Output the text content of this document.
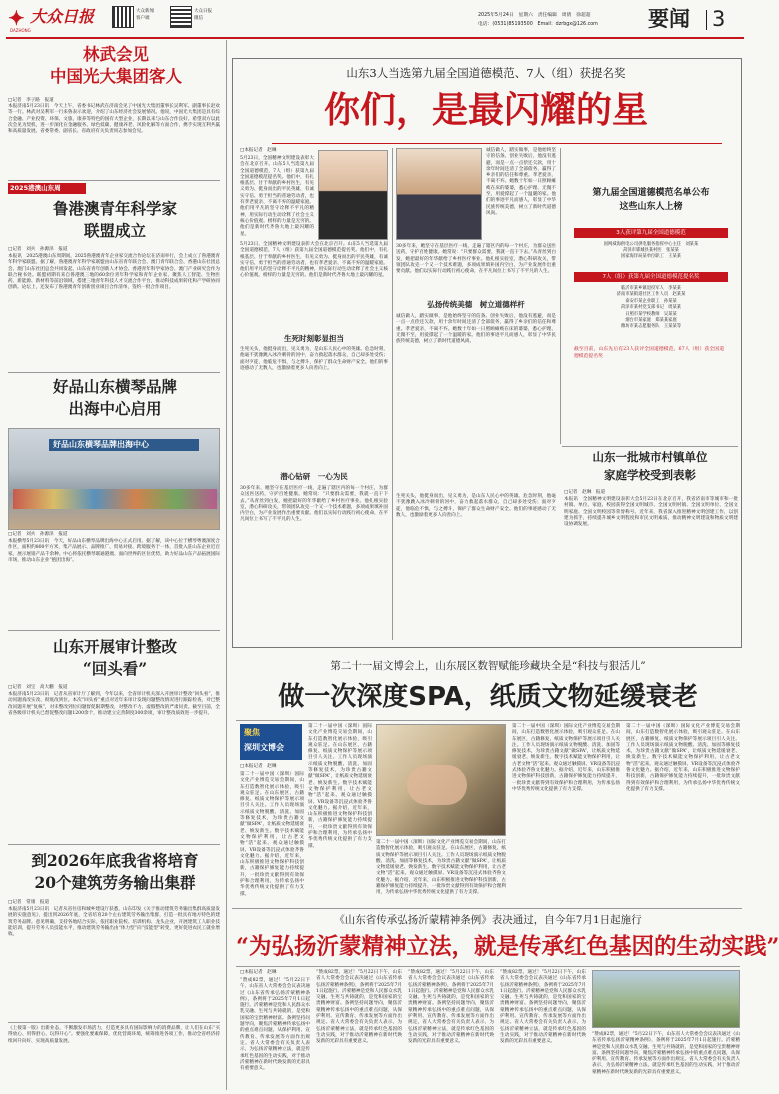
✦ 大众日报
DAZHONG
大众新闻
客户端
大众日报
微信
2025年5月24日　星期六　责任编辑　周倩　徐超超
电话：(0531)85193500　Email：dzrbgx@126.com	要闻	3
林武会见
中国光大集团客人
□记者　李子路　报道
本报济南5月23日讯　今天上午，省委书记林武在济南会见了中国光大集团董事长吴利军、副董事长赵欢等一行。林武对吴利军一行来鲁表示欢迎，介绍了山东经济社会发展情况。他说，中国光大集团是具有综合金融、产业投资、环保、文旅、康养等特色的国有大型企业，长期以来与山东合作良好。希望双方以此次会见为契机，进一步深化在金融服务、绿色低碳、健康养老、风险化解等方面合作，携手实现互利共赢和高质量发展。省委常委、副省长、省政府有关负责同志参加会见。
2025港澳山东周
鲁港澳青年科学家
联盟成立
□记者　刘兵　孙源泽　报道
本报讯　2025港澳山东周期间，2025鲁港澳青年企业家交流合作论坛在济南举行，会上成立了鲁港澳青年科学家联盟。据了解，鲁港澳青年科学家联盟由山东省青年联合会、澳门青年联合会、香港山东社团总会、澳门山东社团总会共同发起，山东省青年创新人才协会、香港青年科学家协会、澳门产业研究会作为联合秘书处。联盟初期有来自鲁港澳三地的60余位青年科学家和青年企业家，聚焦人工智能、生物医药、新能源、新材料等前沿领域，搭建三地青年科技人才交流合作平台，推动科技成果转化和产学研协同创新。论坛上，还发布了鲁港澳青年创新创业项目合作清单，签约一批合作项目。
好品山东横琴品牌
出海中心启用
好品山东横琴品牌出海中心
□记者　刘兵　孙源泽　报道
本报横琴5月23日讯　今天，好品山东横琴品牌出海中心正式启用。据了解，该中心位于横琴粤澳深度合作区，面积约800平方米，集产品展示、品牌推广、贸易对接、跨境服务于一体，首批入驻山东企业近百家，展示展销产品千余种。中心将依托横琴联通港澳、面向世界的区位优势，助力好品山东产品拓展国际市场，推动山东企业“抱团出海”。
山东开展审计整改
“回头看”
□记者　刘宝　高大鹏　报道
本报济南5月23日讯　记者从省审计厅了解到，今年以来，全省审计机关深入开展审计整改“回头看”，推动问题真改实改、彻底改到位。本次“回头看”重点对近年来审计发现问题整改情况进行跟踪检查，对已整改问题开展“复核”，对未整改到位问题督促限期整改，对整改不力、虚假整改的严肃问责。截至目前，全省各级审计机关已督促整改问题1200余个，推动建立完善制度300余项，审计整改质效进一步提升。
到2026年底我省将培育
20个建筑劳务输出集群
□记者　常康　报道
本报济南5月23日讯　记者从省住房和城乡建设厅获悉，山东印发《关于推动建筑劳务输出集群高质量发展的实施意见》，提出到2026年底，全省培育20个左右建筑劳务输出集群，打造一批具有地方特色的建筑劳务品牌。意见明确，支持各地结合实际，依托职业院校、培训机构、龙头企业，开展建筑工人职业技能培训，提升劳务人员技能水平，推动建筑劳务输出由“体力型”向“技能型”转变，更好促进农民工就业增收。
《上接第一版》出新业态，不断激发市场活力，打造更多具有国际影响力的消费品牌，让人们在山东“买得放心、用得舒心、玩得开心”。要强化要素保障，优化营商环境，统筹推进各项工作，推动全省经济持续回升向好、实现高质量发展。
山东3人当选第九届全国道德模范、7人（组）获提名奖
你们，是最闪耀的星
□本报记者　赵琳
5月23日，全国精神文明建设表彰大会在北京召开。山东5人当选第九届全国道德模范，7人（组）获第九届全国道德模范提名奖。他们中，有扎根基层、甘于奉献的乡村医生，有见义勇为、挺身而出的平民英雄，有诚实守信、勇于担当的普通劳动者，也有孝老爱亲、不离不弃的温暖家庭。他们用平凡的坚守诠释不平凡的精神，用实际行动生动诠释了社会主义核心价值观。榜样的力量是无穷的。他们是新时代齐鲁大地上最闪耀的星。
5月23日，全国精神文明建设表彰大会在北京召开。山东5人当选第九届全国道德模范，7人（组）获第九届全国道德模范提名奖。他们中，有扎根基层、甘于奉献的乡村医生，有见义勇为、挺身而出的平民英雄，有诚实守信、勇于担当的普通劳动者，也有孝老爱亲、不离不弃的温暖家庭。他们用平凡的坚守诠释不平凡的精神，用实际行动生动诠释了社会主义核心价值观。榜样的力量是无穷的。他们是新时代齐鲁大地上最闪耀的星。
生死时刻彰显担当
生死关头，他挺身而出，见义勇为，是山东人民心中的英雄。危急时刻，他毫不犹豫跳入冰冷刺骨的河中，奋力救起落水群众，自己却多处受伤；面对歹徒，他临危不惧，与之搏斗，保护了群众生命财产安全。他们的事迹感动了无数人，也激励着更多人向善向上。
潜心钻研　一心为民
30多年来，她坚守在基层医疗一线，走遍了辖区内的每一个村庄，为群众送医送药，守护百姓健康。她常说：“只要群众需要，我就一直干下去。”从青丝到白发，她把最好的年华献给了乡村医疗事业。他扎根实验室，潜心科研攻关，带领团队攻克一个又一个技术难题，多项成果填补国内空白，为产业发展作出重要贡献。他们以实际行动践行初心使命，在平凡岗位上书写了不平凡的人生。
诚信做人，踏实做事，是他始终坚守的信条。创业失败后，他没有逃避，而是一点一点偿还欠款，用十余年时间还清了全部债务，赢得了乡亲们的信任和尊重。孝老爱亲，不离不弃。她数十年如一日照顾瘫痪在床的婆婆，悉心护理、无微不至，用爱撑起了一个温暖的家。他们的事迹平凡而感人，彰显了中华民族传统美德，树立了新时代道德风尚。
30多年来，她坚守在基层医疗一线，走遍了辖区内的每一个村庄，为群众送医送药，守护百姓健康。她常说：“只要群众需要，我就一直干下去。”从青丝到白发，她把最好的年华献给了乡村医疗事业。他扎根实验室，潜心科研攻关，带领团队攻克一个又一个技术难题，多项成果填补国内空白，为产业发展作出重要贡献。他们以实际行动践行初心使命，在平凡岗位上书写了不平凡的人生。
弘扬传统美德　树立道德样杆
诚信做人，踏实做事，是他始终坚守的信条。创业失败后，他没有逃避，而是一点一点偿还欠款，用十余年时间还清了全部债务，赢得了乡亲们的信任和尊重。孝老爱亲，不离不弃。她数十年如一日照顾瘫痪在床的婆婆，悉心护理、无微不至，用爱撑起了一个温暖的家。他们的事迹平凡而感人，彰显了中华民族传统美德，树立了新时代道德风尚。
生死关头，他挺身而出，见义勇为，是山东人民心中的英雄。危急时刻，他毫不犹豫跳入冰冷刺骨的河中，奋力救起落水群众，自己却多处受伤；面对歹徒，他临危不惧，与之搏斗，保护了群众生命财产安全。他们的事迹感动了无数人，也激励着更多人向善向上。
第九届全国道德模范名单公布
这些山东人上榜
3人获评第九届全国道德模范
国网威海供电公司供电服务指挥中心主任　刘某某
菏泽市郓城县某村医　张某某
国家海洋局某单位职工　王某某
7人（组）获第九届全国道德模范提名奖
临沂市某乡镇退役军人　李某某
济南市某街道社区工作人员　赵某某
泰安市某企业职工　孙某某
菏泽市某村党支部书记　周某某
日照市某学校教师　吴某某
烟台市某家庭　郑某某家庭
潍坊市某志愿服务队　王某某等
截至目前，山东先后有23人获评全国道德模范，67人（组）获全国道德模范提名奖
山东一批城市村镇单位
家庭学校受到表彰
□记者　赵琳　报道
本报讯　全国精神文明建设表彰大会5月23日在北京召开，我省济南市等城市和一批村镇、单位、家庭、校园获得全国文明城市、全国文明村镇、全国文明单位、全国文明家庭、全国文明校园等荣誉称号。近年来，我省深入推进精神文明创建工作，以创建为抓手，持续提升城乡文明程度和市民文明素质，推动精神文明建设和物质文明建设协调发展。
第二十一届文博会上，山东展区数智赋能珍藏块全是“科技与狠活儿”
做一次深度SPA，纸质文物延缓衰老
聚焦
深圳文博会
□本报记者　赵琳
第二十一届中国（深圳）国际文化产业博览交易会期间，山东打造数智化展示体验，吸引观众驻足。在山东展区，古籍修复、纸质文物保护等展示项目引人关注。工作人员现场演示纸质文物脱酸、清洗、加固等修复技术，为珍贵古籍文献“做SPA”，让纸质文物延缓衰老、焕发新生。数字技术赋能文物保护利用，让古老文物“活”起来。观众通过触摸屏、VR设备等沉浸式体验齐鲁文化魅力。据介绍，近年来，山东积极推进文物保护科技创新，古籍保护修复能力持续提升，一批珍贵文献得到有效保护和合理利用，为传承弘扬中华优秀传统文化提供了有力支撑。
第二十一届中国（深圳）国际文化产业博览交易会期间，山东打造数智化展示体验，吸引观众驻足。在山东展区，古籍修复、纸质文物保护等展示项目引人关注。工作人员现场演示纸质文物脱酸、清洗、加固等修复技术，为珍贵古籍文献“做SPA”，让纸质文物延缓衰老、焕发新生。数字技术赋能文物保护利用，让古老文物“活”起来。观众通过触摸屏、VR设备等沉浸式体验齐鲁文化魅力。据介绍，近年来，山东积极推进文物保护科技创新，古籍保护修复能力持续提升，一批珍贵文献得到有效保护和合理利用，为传承弘扬中华优秀传统文化提供了有力支撑。
第二十一届中国（深圳）国际文化产业博览交易会期间，山东打造数智化展示体验，吸引观众驻足。在山东展区，古籍修复、纸质文物保护等展示项目引人关注。工作人员现场演示纸质文物脱酸、清洗、加固等修复技术，为珍贵古籍文献“做SPA”，让纸质文物延缓衰老、焕发新生。数字技术赋能文物保护利用，让古老文物“活”起来。观众通过触摸屏、VR设备等沉浸式体验齐鲁文化魅力。据介绍，近年来，山东积极推进文物保护科技创新，古籍保护修复能力持续提升，一批珍贵文献得到有效保护和合理利用，为传承弘扬中华优秀传统文化提供了有力支撑。
第二十一届中国（深圳）国际文化产业博览交易会期间，山东打造数智化展示体验，吸引观众驻足。在山东展区，古籍修复、纸质文物保护等展示项目引人关注。工作人员现场演示纸质文物脱酸、清洗、加固等修复技术，为珍贵古籍文献“做SPA”，让纸质文物延缓衰老、焕发新生。数字技术赋能文物保护利用，让古老文物“活”起来。观众通过触摸屏、VR设备等沉浸式体验齐鲁文化魅力。据介绍，近年来，山东积极推进文物保护科技创新，古籍保护修复能力持续提升，一批珍贵文献得到有效保护和合理利用，为传承弘扬中华优秀传统文化提供了有力支撑。
第二十一届中国（深圳）国际文化产业博览交易会期间，山东打造数智化展示体验，吸引观众驻足。在山东展区，古籍修复、纸质文物保护等展示项目引人关注。工作人员现场演示纸质文物脱酸、清洗、加固等修复技术，为珍贵古籍文献“做SPA”，让纸质文物延缓衰老、焕发新生。数字技术赋能文物保护利用，让古老文物“活”起来。观众通过触摸屏、VR设备等沉浸式体验齐鲁文化魅力。据介绍，近年来，山东积极推进文物保护科技创新，古籍保护修复能力持续提升，一批珍贵文献得到有效保护和合理利用，为传承弘扬中华优秀传统文化提供了有力支撑。
《山东省传承弘扬沂蒙精神条例》表决通过，自今年7月1日起施行
“为弘扬沂蒙精神立法，就是传承红色基因的生动实践”
□本报记者　赵琳
“赞成82票，通过！”5月22日下午，山东省人大常委会会议表决通过《山东省传承弘扬沂蒙精神条例》，条例将于2025年7月1日起施行。沂蒙精神是党和人民群众水乳交融、生死与共铸就的，是党和国家的宝贵精神财富。条例坚持问题导向，聚焦沂蒙精神传承弘扬中的重点难点问题，从保护利用、宣传教育、传承发展等方面作出规定。省人大常委会有关负责人表示，为弘扬沂蒙精神立法，就是传承红色基因的生动实践，对于推动沂蒙精神在新时代焕发新的光彩具有重要意义。
“赞成82票，通过！”5月22日下午，山东省人大常委会会议表决通过《山东省传承弘扬沂蒙精神条例》，条例将于2025年7月1日起施行。沂蒙精神是党和人民群众水乳交融、生死与共铸就的，是党和国家的宝贵精神财富。条例坚持问题导向，聚焦沂蒙精神传承弘扬中的重点难点问题，从保护利用、宣传教育、传承发展等方面作出规定。省人大常委会有关负责人表示，为弘扬沂蒙精神立法，就是传承红色基因的生动实践，对于推动沂蒙精神在新时代焕发新的光彩具有重要意义。
“赞成82票，通过！”5月22日下午，山东省人大常委会会议表决通过《山东省传承弘扬沂蒙精神条例》，条例将于2025年7月1日起施行。沂蒙精神是党和人民群众水乳交融、生死与共铸就的，是党和国家的宝贵精神财富。条例坚持问题导向，聚焦沂蒙精神传承弘扬中的重点难点问题，从保护利用、宣传教育、传承发展等方面作出规定。省人大常委会有关负责人表示，为弘扬沂蒙精神立法，就是传承红色基因的生动实践，对于推动沂蒙精神在新时代焕发新的光彩具有重要意义。
“赞成82票，通过！”5月22日下午，山东省人大常委会会议表决通过《山东省传承弘扬沂蒙精神条例》，条例将于2025年7月1日起施行。沂蒙精神是党和人民群众水乳交融、生死与共铸就的，是党和国家的宝贵精神财富。条例坚持问题导向，聚焦沂蒙精神传承弘扬中的重点难点问题，从保护利用、宣传教育、传承发展等方面作出规定。省人大常委会有关负责人表示，为弘扬沂蒙精神立法，就是传承红色基因的生动实践，对于推动沂蒙精神在新时代焕发新的光彩具有重要意义。
“赞成82票，通过！”5月22日下午，山东省人大常委会会议表决通过《山东省传承弘扬沂蒙精神条例》，条例将于2025年7月1日起施行。沂蒙精神是党和人民群众水乳交融、生死与共铸就的，是党和国家的宝贵精神财富。条例坚持问题导向，聚焦沂蒙精神传承弘扬中的重点难点问题，从保护利用、宣传教育、传承发展等方面作出规定。省人大常委会有关负责人表示，为弘扬沂蒙精神立法，就是传承红色基因的生动实践，对于推动沂蒙精神在新时代焕发新的光彩具有重要意义。
